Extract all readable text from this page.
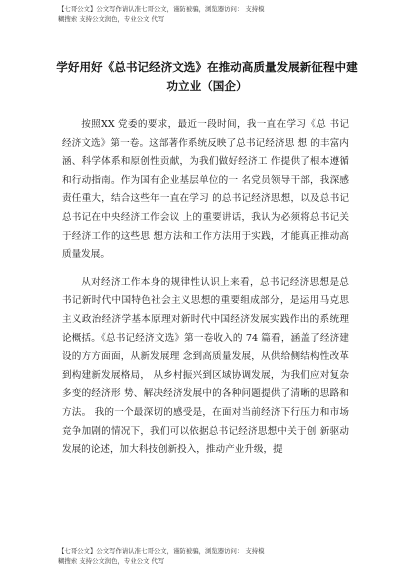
【七哥公文】公文写作请认准七哥公文，谨防被骗，浏览器访问： 支持模
糊搜索 支持公文润色，专业公文 代写
学好用好《总书记经济文选》在推动高质量发展新征程中建
功立业（国企）

按照XX 党委的要求，最近一段时间，我一直在学习《总 书记经济文选》第一卷。这部著作系统反映了总书记经济思 想 的丰富内涵、科学体系和原创性贡献，为我们做好经济工 作提供了根本遵循和行动指南。作为国有企业基层单位的一 名党员领导干部，我深感责任重大，结合这些年一直在学习 的总书记经济思想，以及总书记总书记在中央经济工作会议 上的重要讲话，我认为必须将总书记关于经济工作的这些思 想方法和工作方法用于实践，才能真正推动高质量发展。

从对经济工作本身的规律性认识上来看，总书记经济思想是总书记新时代中国特色社会主义思想的重要组成部分，是运用马克思主义政治经济学基本原理对新时代中国经济发展实践作出的系统理论概括。《总书记经济文选》第一卷收入的 74 篇看，涵盖了经济建设的方方面面，从新发展理 念到高质量发展，从供给侧结构性改革到构建新发展格局， 从乡村振兴到区域协调发展，为我们应对复杂多变的经济形 势、解决经济发展中的各种问题提供了清晰的思路和方法。 我的一个最深切的感受是，在面对当前经济下行压力和市场 竞争加剧的情况下，我们可以依据总书记经济思想中关于创 新驱动发展的论述，加大科技创新投入，推动产业升级，提

【七哥公文】公文写作请认准七哥公文，谨防被骗，浏览器访问： 支持模
糊搜索 支持公文润色，专业公文 代写
